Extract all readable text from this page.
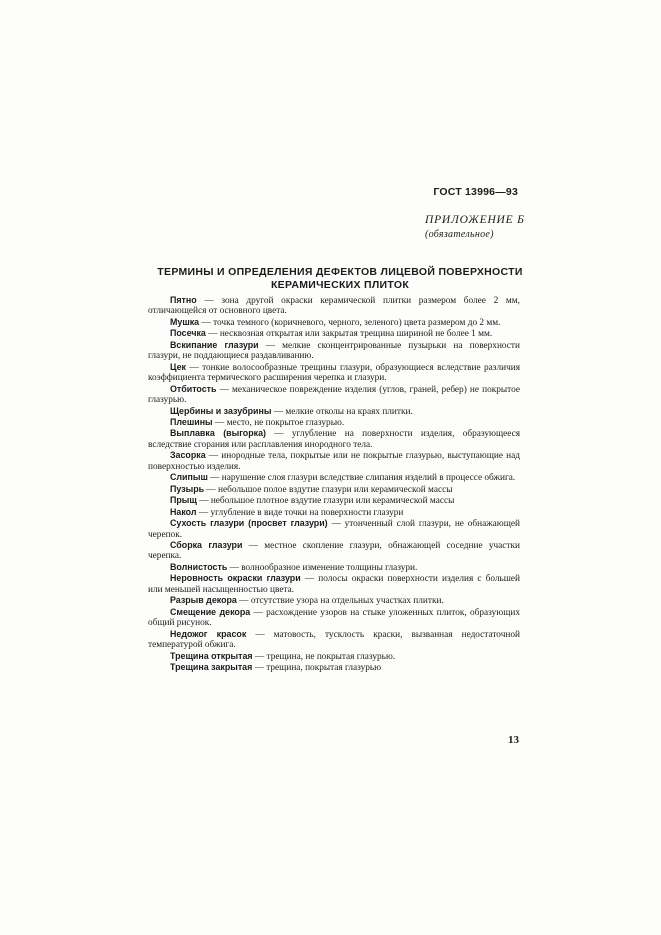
ГОСТ 13996—93
ПРИЛОЖЕНИЕ Б
(обязательное)
ТЕРМИНЫ И ОПРЕДЕЛЕНИЯ ДЕФЕКТОВ ЛИЦЕВОЙ ПОВЕРХНОСТИ
КЕРАМИЧЕСКИХ ПЛИТОК

Пятно — зона другой окраски керамической плитки размером более 2 мм, отличающейся от основного цвета.

Мушка — точка темного (коричневого, черного, зеленого) цвета размером до 2 мм.

Посечка — несквозная открытая или закрытая трещина шириной не более 1 мм.

Вскипание глазури — мелкие сконцентрированные пузырьки на поверхности глазури, не поддающиеся раздавливанию.

Цек — тонкие волосообразные трещины глазури, образующиеся вследствие различия коэффициента термического расширения черепка и глазури.

Отбитость — механическое повреждение изделия (углов, граней, ребер) не покрытое глазурью.

Щербины и зазубрины — мелкие отколы на краях плитки.

Плешины — место, не покрытое глазурью.

Выплавка (выгорка) — углубление на поверхности изделия, образующееся вследствие сгорания или расплавления инородного тела.

Засорка — инородные тела, покрытые или не покрытые глазурью, выступающие над поверхностью изделия.

Слипыш — нарушение слоя глазури вследствие слипания изделий в процессе обжига.

Пузырь — небольшое полое вздутие глазури или керамической массы

Прыщ — небольшое плотное вздутие глазури или керамической массы

Накол — углубление в виде точки на поверхности глазури

Сухость глазури (просвет глазури) — утонченный слой глазури, не обнажающей черепок.

Сборка глазури — местное скопление глазури, обнажающей соседние участки черепка.

Волнистость — волнообразное изменение толщины глазури.

Неровность окраски глазури — полосы окраски поверхности изделия с большей или меньшей насыщенностью цвета.

Разрыв декора — отсутствие узора на отдельных участках плитки.

Смещение декора — расхождение узоров на стыке уложенных плиток, образующих общий рисунок.

Недожог красок — матовость, тусклость краски, вызванная недостаточной температурой обжига.

Трещина открытая — трещина, не покрытая глазурью.

Трещина закрытая — трещина, покрытая глазурью

13
